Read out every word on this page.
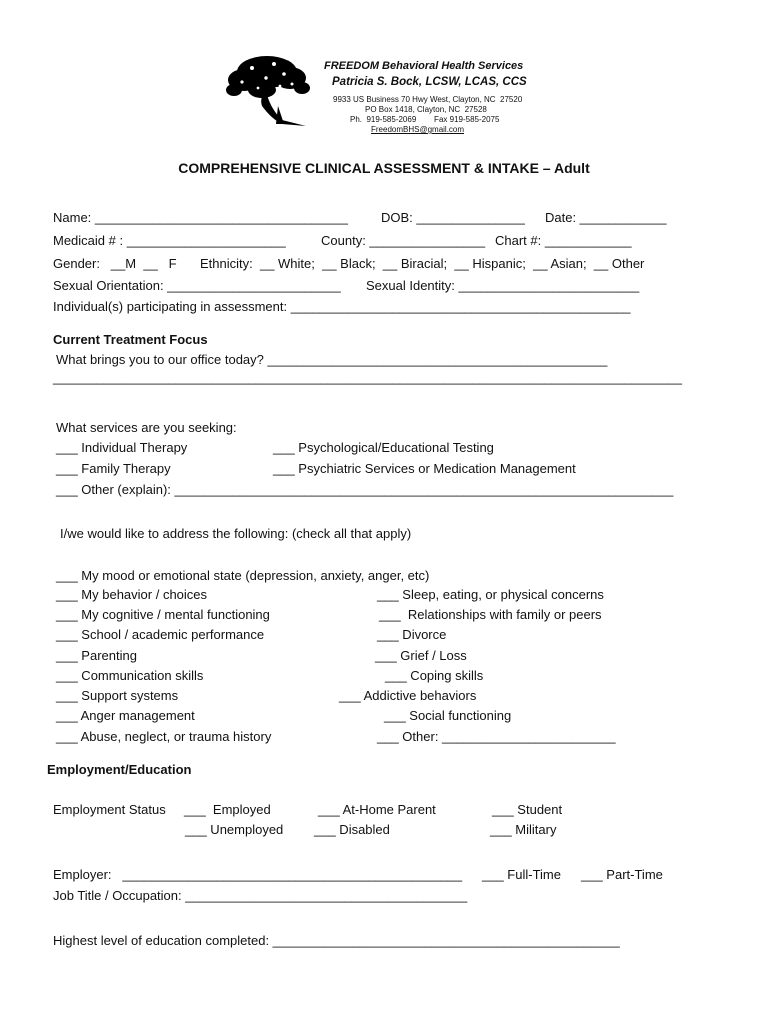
FREEDOM Behavioral Health Services
Patricia S. Bock, LCSW, LCAS, CCS
9933 US Business 70 Hwy West, Clayton, NC  27520
PO Box 1418, Clayton, NC  27528
Ph.  919-585-2069        Fax 919-585-2075
FreedomBHS@gmail.com
COMPREHENSIVE CLINICAL ASSESSMENT & INTAKE – Adult
Name: ___________________________________	DOB: _______________ Date: ____________
Medicaid # : ______________________	County: ________________ Chart #: ____________
Gender:   __M  __   F Ethnicity:  __ White;  __ Black;  __ Biracial;  __ Hispanic;  __ Asian;  __ Other
Sexual Orientation: ________________________ Sexual Identity: _________________________
Individual(s) participating in assessment: _______________________________________________
Current Treatment Focus
What brings you to our office today? _______________________________________________
_______________________________________________________________________________________
What services are you seeking:
___ Individual Therapy	___ Psychological/Educational Testing
___ Family Therapy	___ Psychiatric Services or Medication Management
___ Other (explain): _____________________________________________________________________
I/we would like to address the following: (check all that apply)
___ My mood or emotional state (depression, anxiety, anger, etc)
___ My behavior / choices	___ Sleep, eating, or physical concerns
___ My cognitive / mental functioning	___  Relationships with family or peers
___ School / academic performance	___ Divorce
___ Parenting	___ Grief / Loss
___ Communication skills	___ Coping skills
___ Support systems	___ Addictive behaviors
___ Anger management	___ Social functioning
___ Abuse, neglect, or trauma history	___ Other: ________________________
Employment/Education
Employment Status ___  Employed	___ At-Home Parent	___ Student
___ Unemployed ___ Disabled	___ Military
Employer:   _______________________________________________ ___ Full-Time ___ Part-Time
Job Title / Occupation: _______________________________________
Highest level of education completed: ________________________________________________
